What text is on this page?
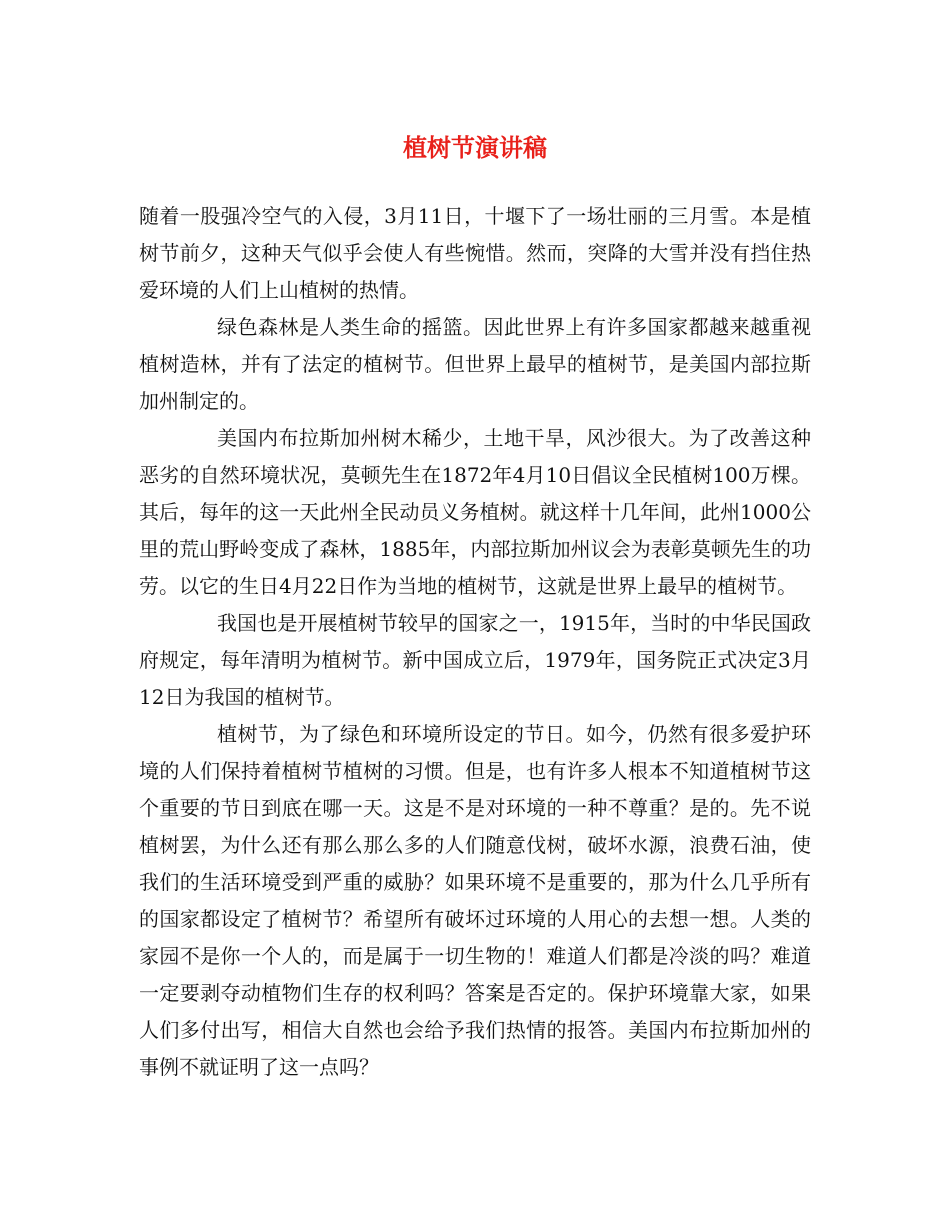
植树节演讲稿

随着一股强冷空气的入侵，3月11日，十堰下了一场壮丽的三月雪。本是植树节前夕，这种天气似乎会使人有些惋惜。然而，突降的大雪并没有挡住热爱环境的人们上山植树的热情。

绿色森林是人类生命的摇篮。因此世界上有许多国家都越来越重视植树造林，并有了法定的植树节。但世界上最早的植树节，是美国内部拉斯加州制定的。

美国内布拉斯加州树木稀少，土地干旱，风沙很大。为了改善这种恶劣的自然环境状况，莫顿先生在1872年4月10日倡议全民植树100万棵。其后，每年的这一天此州全民动员义务植树。就这样十几年间，此州1000公里的荒山野岭变成了森林，1885年，内部拉斯加州议会为表彰莫顿先生的功劳。以它的生日4月22日作为当地的植树节，这就是世界上最早的植树节。

我国也是开展植树节较早的国家之一，1915年，当时的中华民国政府规定，每年清明为植树节。新中国成立后，1979年，国务院正式决定3月12日为我国的植树节。

植树节，为了绿色和环境所设定的节日。如今，仍然有很多爱护环境的人们保持着植树节植树的习惯。但是，也有许多人根本不知道植树节这个重要的节日到底在哪一天。这是不是对环境的一种不尊重？是的。先不说植树罢，为什么还有那么那么多的人们随意伐树，破坏水源，浪费石油，使我们的生活环境受到严重的威胁？如果环境不是重要的，那为什么几乎所有的国家都设定了植树节？希望所有破坏过环境的人用心的去想一想。人类的家园不是你一个人的，而是属于一切生物的！难道人们都是冷淡的吗？难道一定要剥夺动植物们生存的权利吗？答案是否定的。保护环境靠大家，如果人们多付出写，相信大自然也会给予我们热情的报答。美国内布拉斯加州的事例不就证明了这一点吗？
